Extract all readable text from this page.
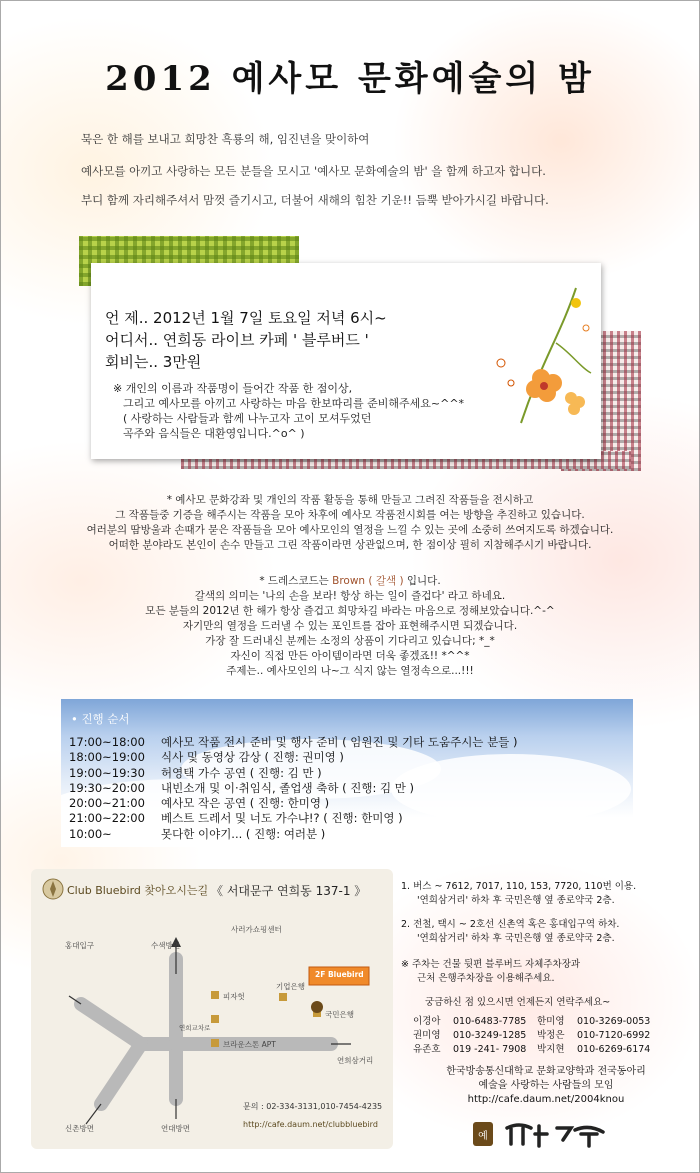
2012 예사모 문화예술의 밤
묵은 한 해를 보내고 희망찬 흑룡의 해, 임진년을 맞이하여
예사모를 아끼고 사랑하는 모든 분들을 모시고 '예사모 문화예술의 밤' 을 함께 하고자 합니다.
부디 함께 자리해주셔서 맘껏 즐기시고, 더불어 새해의 힘찬 기운!! 듬뿍 받아가시길 바랍니다.
언 제.. 2012년 1월 7일 토요일 저녁 6시~
어디서.. 연희동 라이브 카페 ' 블루버드 '
회비는.. 3만원
※ 개인의 이름과 작품명이 들어간 작품 한 점이상,
그리고 예사모를 아끼고 사랑하는 마음 한보따리를 준비해주세요~^^*
( 사랑하는 사람들과 함께 나누고자 고이 모셔두었던
곡주와 음식들은 대환영입니다.^o^ )
* 예사모 문화강좌 및 개인의 작품 활동을 통해 만들고 그려진 작품들을 전시하고
그 작품들중 기증을 해주시는 작품을 모아 차후에 예사모 작품전시회를 여는 방향을 추진하고 있습니다.
여러분의 땀방울과 손때가 묻은 작품들을 모아 예사모인의 열정을 느낄 수 있는 곳에 소중히 쓰여지도록 하겠습니다.
어떠한 분야라도 본인이 손수 만들고 그린 작품이라면 상관없으며, 한 점이상 필히 지참해주시기 바랍니다.
* 드레스코드는 Brown ( 갈색 ) 입니다.
갈색의 의미는 '나의 손을 보라! 항상 하는 일이 즐겁다' 라고 하네요.
모든 분들의 2012년 한 해가 항상 즐겁고 희망차길 바라는 마음으로 정해보았습니다.^-^
자기만의 열정을 드러낼 수 있는 포인트를 잡아 표현해주시면 되겠습니다.
가장 잘 드러내신 분께는 소정의 상품이 기다리고 있습니다; *_*
자신이 직접 만든 아이템이라면 더욱 좋겠죠!! *^^*
주제는.. 예사모인의 나~그 식지 않는 열정속으로...!!!
• 진행 순서
17:00~18:00 예사모 작품 전시 준비 및 행사 준비 ( 임원진 및 기타 도움주시는 분들 )
18:00~19:00 식사 및 동영상 감상 ( 진행: 권미영 )
19:00~19:30 허영택 가수 공연 ( 진행: 김 만 )
19:30~20:00 내빈소개 및 이·취임식, 졸업생 축하 ( 진행: 김 만 )
20:00~21:00 예사모 작은 공연 ( 진행: 한미영 )
21:00~22:00 베스트 드레서 및 너도 가수냐!? ( 진행: 한미영 )
10:00~	못다한 이야기... ( 진행: 여러분 )
Club Bluebird 찾아오시는길 《 서대문구 연희동 137-1 》
홍대입구	수색방면
사러가쇼핑센터
피자헛
기업은행
2F Bluebird
국민은행
연희교차로
브라운스톤 APT
연희삼거리
신촌방면	연대방면
문의 : 02-334-3131,010-7454-4235
http://cafe.daum.net/clubbluebird
1. 버스 ~ 7612, 7017, 110, 153, 7720, 110번 이용.
'연희삼거리' 하차 후 국민은행 옆 종로약국 2층.
2. 전철, 택시 ~ 2호선 신촌역 혹은 홍대입구역 하차.
'연희삼거리' 하차 후 국민은행 옆 종로약국 2층.
※ 주차는 건물 뒷편 블루버드 자체주차장과
근처 은행주차장을 이용해주세요.
궁금하신 점 있으시면 언제든지 연락주세요~
이경아 010-6483-7785 한미영 010-3269-0053
권미영 010-3249-1285 박정은 010-7120-6992
유존호 019 -241- 7908 박지현 010-6269-6174
한국방송통신대학교 문화교양학과 전국동아리
예술을 사랑하는 사람들의 모임
http://cafe.daum.net/2004knou
예
